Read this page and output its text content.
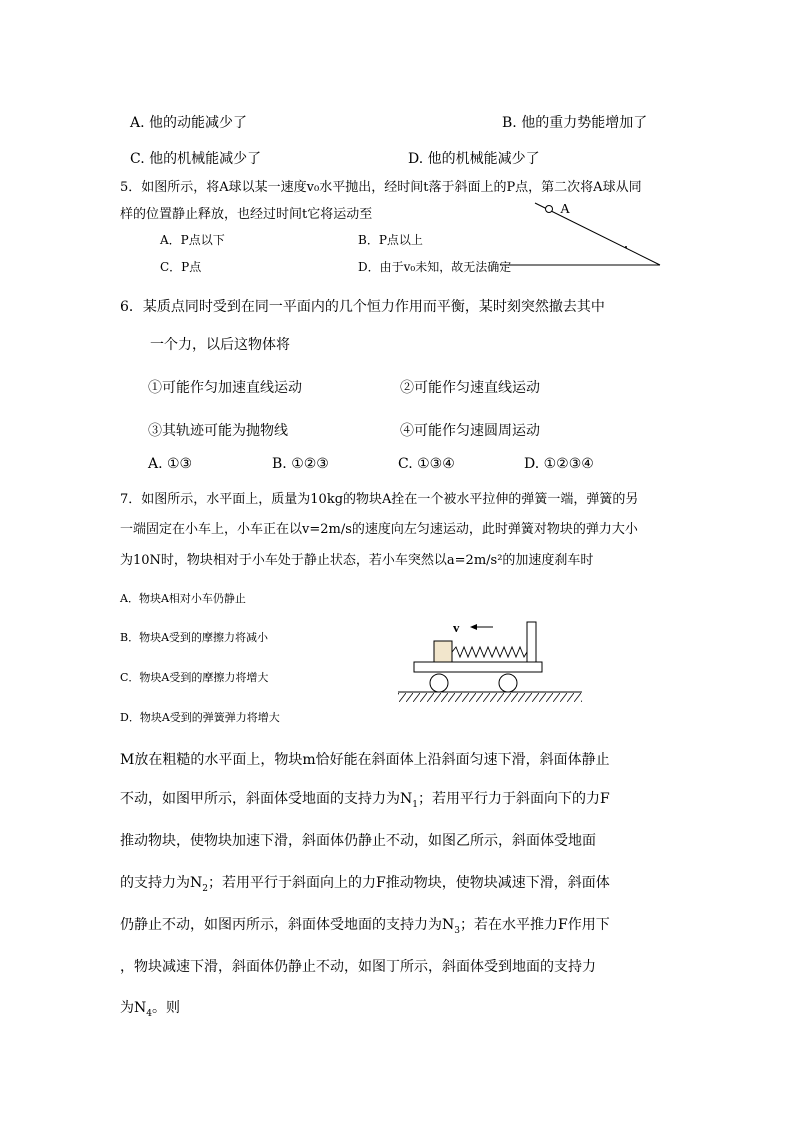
A. 他的动能减少了	B. 他的重力势能增加了
C. 他的机械能减少了	D. 他的机械能减少了
5．如图所示，将A球以某一速度v₀水平抛出，经时间t落于斜面上的P点，第二次将A球从同
样的位置静止释放，也经过时间t它将运动至
A．P点以下	B．P点以上
C．P点	D．由于v₀未知，故无法确定
A
6．某质点同时受到在同一平面内的几个恒力作用而平衡，某时刻突然撤去其中
一个力，以后这物体将
①可能作匀加速直线运动	②可能作匀速直线运动
③其轨迹可能为抛物线	④可能作匀速圆周运动
A. ①③	B. ①②③	C. ①③④	D. ①②③④
7．如图所示，水平面上，质量为10kg的物块A拴在一个被水平拉伸的弹簧一端，弹簧的另
一端固定在小车上，小车正在以v=2m/s的速度向左匀速运动，此时弹簧对物块的弹力大小
为10N时，物块相对于小车处于静止状态，若小车突然以a=2m/s²的加速度刹车时
A．物块A相对小车仍静止
B．物块A受到的摩擦力将减小
C．物块A受到的摩擦力将增大
D．物块A受到的弹簧弹力将增大
v
M放在粗糙的水平面上，物块m恰好能在斜面体上沿斜面匀速下滑，斜面体静止
不动，如图甲所示，斜面体受地面的支持力为$N_1$；若用平行力于斜面向下的力F
推动物块，使物块加速下滑，斜面体仍静止不动，如图乙所示，斜面体受地面
的支持力为$N_2$；若用平行于斜面向上的力F推动物块，使物块减速下滑，斜面体
仍静止不动，如图丙所示，斜面体受地面的支持力为$N_3$；若在水平推力F作用下
，物块减速下滑，斜面体仍静止不动，如图丁所示，斜面体受到地面的支持力
为$N_4$。则
